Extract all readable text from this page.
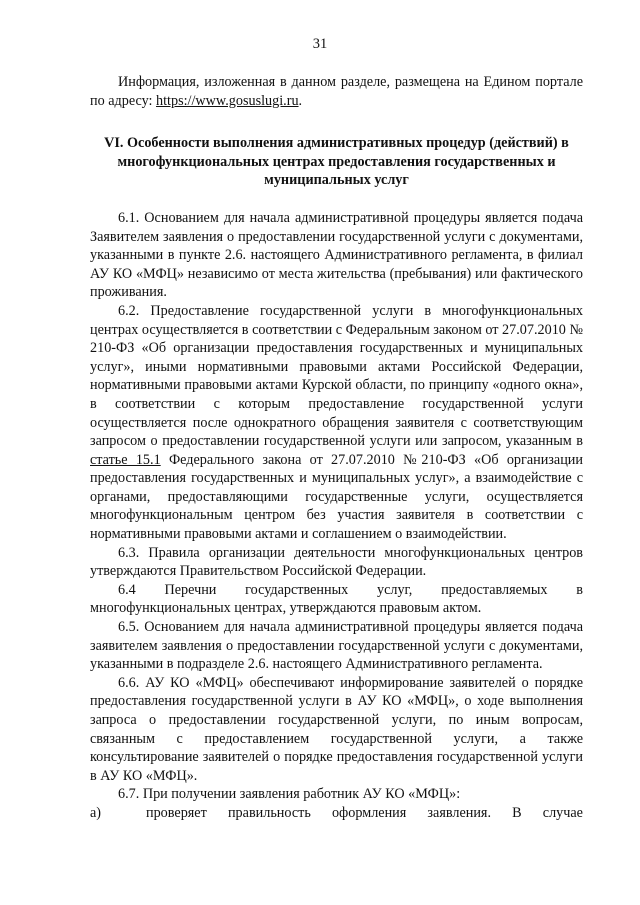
31

Информация, изложенная в данном разделе, размещена на Едином портале по адресу: https://www.gosuslugi.ru.

VI. Особенности выполнения административных процедур (действий) в многофункциональных центрах предоставления государственных и муниципальных услуг

6.1. Основанием для начала административной процедуры является подача Заявителем заявления о предоставлении государственной услуги с документами, указанными в пункте 2.6. настоящего Административного регламента, в филиал АУ КО «МФЦ» независимо от места жительства (пребывания) или фактического проживания.

6.2. Предоставление государственной услуги в многофункциональных центрах осуществляется в соответствии с Федеральным законом от 27.07.2010 № 210-ФЗ «Об организации предоставления государственных и муниципальных услуг», иными нормативными правовыми актами Российской Федерации, нормативными правовыми актами Курской области, по принципу «одного окна», в соответствии с которым предоставление государственной услуги осуществляется после однократного обращения заявителя с соответствующим запросом о предоставлении государственной услуги или запросом, указанным в статье 15.1 Федерального закона от 27.07.2010 №210-ФЗ «Об организации предоставления государственных и муниципальных услуг», а взаимодействие с органами, предоставляющими государственные услуги, осуществляется многофункциональным центром без участия заявителя в соответствии с нормативными правовыми актами и соглашением о взаимодействии.

6.3. Правила организации деятельности многофункциональных центров утверждаются Правительством Российской Федерации.

6.4 Перечни государственных услуг, предоставляемых в многофункциональных центрах, утверждаются правовым актом.

6.5. Основанием для начала административной процедуры является подача заявителем заявления о предоставлении государственной услуги с документами, указанными в подразделе 2.6. настоящего Административного регламента.

6.6. АУ КО «МФЦ» обеспечивают информирование заявителей о порядке предоставления государственной услуги в АУ КО «МФЦ», о ходе выполнения запроса о предоставлении государственной услуги, по иным вопросам, связанным с предоставлением государственной услуги, а также консультирование заявителей о порядке предоставления государственной услуги в АУ КО «МФЦ».

6.7. При получении заявления работник АУ КО «МФЦ»:

а)	проверяет правильность оформления заявления. В случае
